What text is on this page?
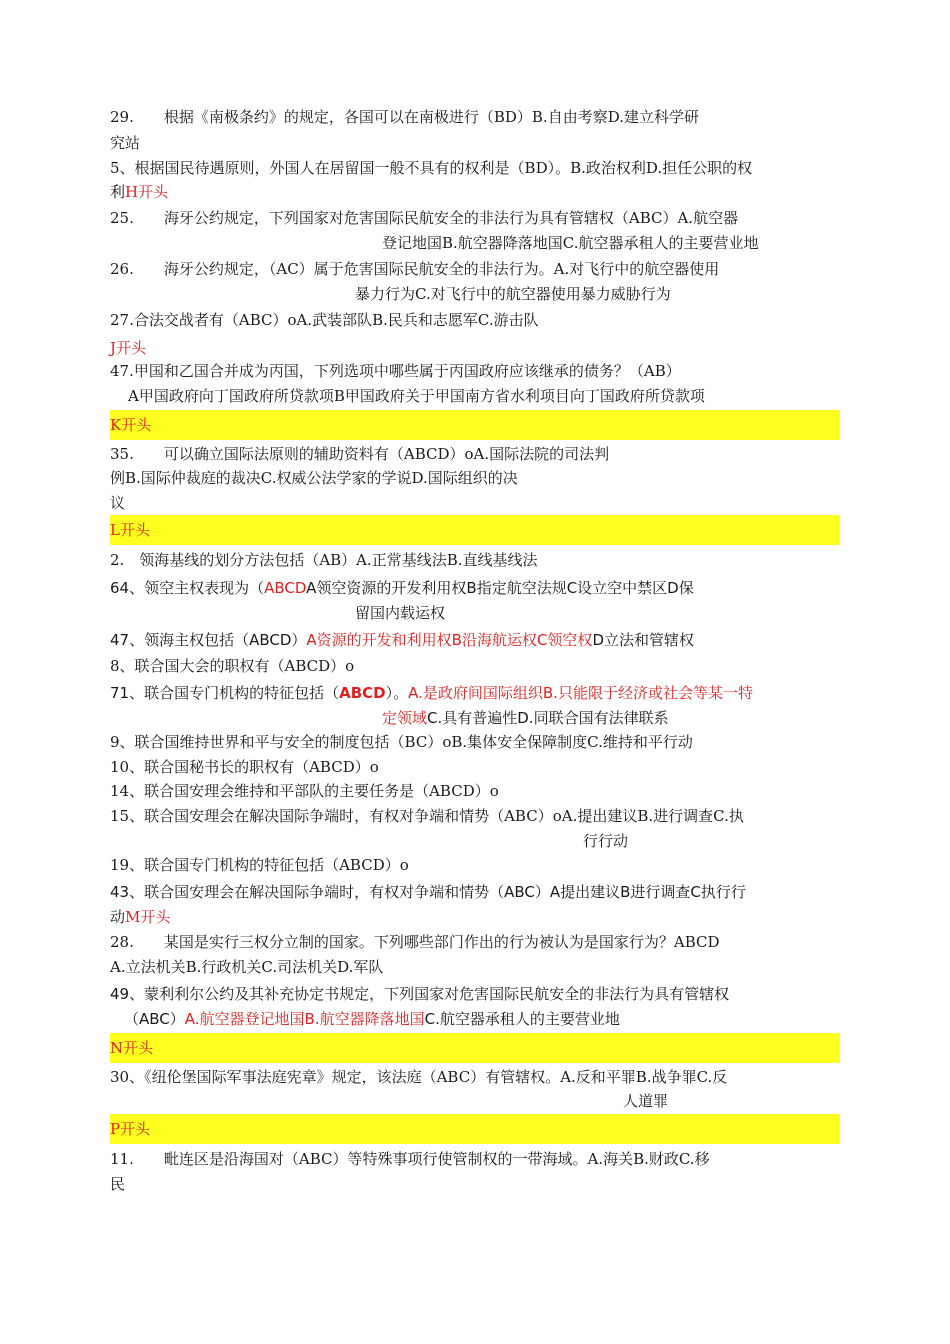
29.　　根据《南极条约》的规定，各国可以在南极进行（BD）B.自由考察D.建立科学研
究站
5、根据国民待遇原则，外国人在居留国一般不具有的权利是（BD）。B.政治权利D.担任公职的权
利H开头
25.　　海牙公约规定，下列国家对危害国际民航安全的非法行为具有管辖权（ABC）A.航空器
登记地国B.航空器降落地国C.航空器承租人的主要营业地
26.　　海牙公约规定，（AC）属于危害国际民航安全的非法行为。A.对飞行中的航空器使用
暴力行为C.对飞行中的航空器使用暴力威胁行为
27.合法交战者有（ABC）oA.武装部队B.民兵和志愿军C.游击队
J开头
47.甲国和乙国合并成为丙国，下列选项中哪些属于丙国政府应该继承的债务？（AB）
A甲国政府向丁国政府所贷款项B甲国政府关于甲国南方省水利项目向丁国政府所贷款项
K开头
35.　　可以确立国际法原则的辅助资料有（ABCD）oA.国际法院的司法判
例B.国际仲裁庭的裁决C.权威公法学家的学说D.国际组织的决
议
L开头
2.　领海基线的划分方法包括（AB）A.正常基线法B.直线基线法
64、领空主权表现为（ABCDA领空资源的开发利用权B指定航空法规C设立空中禁区D保
留国内载运权
47、领海主权包括（ABCD）A资源的开发和利用权B沿海航运权C领空权D立法和管辖权
8、联合国大会的职权有（ABCD）o
71、联合国专门机构的特征包括（ABCD）。A.是政府间国际组织B.只能限于经济或社会等某一特
定领域C.具有普遍性D.同联合国有法律联系
9、联合国维持世界和平与安全的制度包括（BC）oB.集体安全保障制度C.维持和平行动
10、联合国秘书长的职权有（ABCD）o
14、联合国安理会维持和平部队的主要任务是（ABCD）o
15、联合国安理会在解决国际争端时，有权对争端和情势（ABC）oA.提出建议B.进行调查C.执
行行动
19、联合国专门机构的特征包括（ABCD）o
43、联合国安理会在解决国际争端时，有权对争端和情势（ABC）A提出建议B进行调查C执行行
动M开头
28.　　某国是实行三权分立制的国家。下列哪些部门作出的行为被认为是国家行为？ABCD
A.立法机关B.行政机关C.司法机关D.军队
49、蒙利利尔公约及其补充协定书规定，下列国家对危害国际民航安全的非法行为具有管辖权
（ABC）A.航空器登记地国B.航空器降落地国C.航空器承租人的主要营业地
N开头
30、《纽伦堡国际军事法庭宪章》规定，该法庭（ABC）有管辖权。A.反和平罪B.战争罪C.反
人道罪
P开头
11.　　毗连区是沿海国对（ABC）等特殊事项行使管制权的一带海域。A.海关B.财政C.移
民
